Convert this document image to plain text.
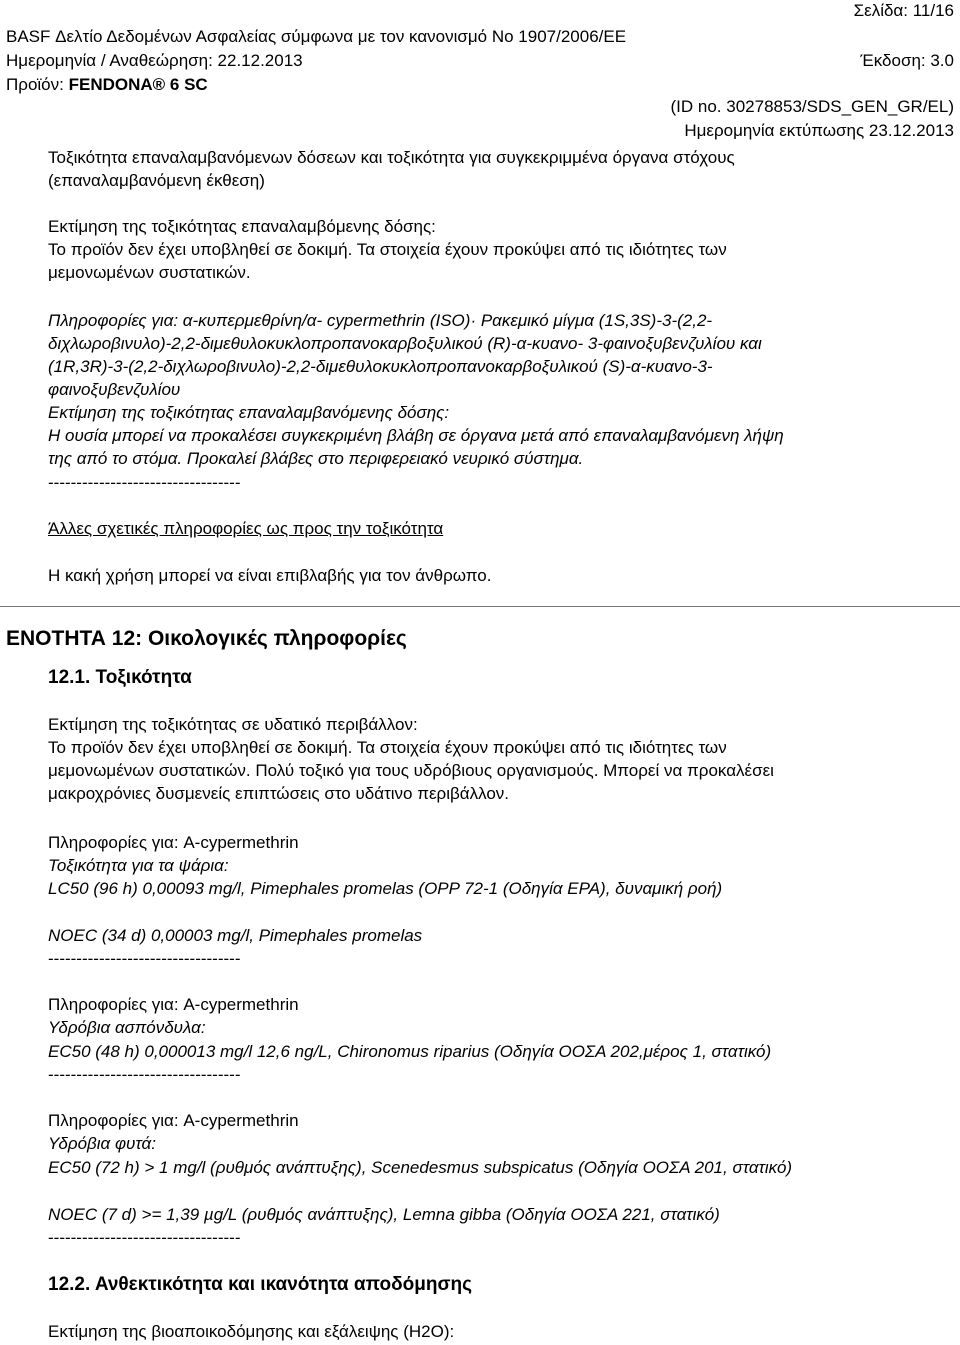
Σελίδα: 11/16
BASF Δελτίο Δεδομένων Ασφαλείας σύμφωνα με τον κανονισμό No 1907/2006/ΕΕ
Ημερομηνία / Αναθεώρηση: 22.12.2013	Έκδοση: 3.0
Προϊόν: FENDONA® 6 SC
(ID no. 30278853/SDS_GEN_GR/EL)
Ημερομηνία εκτύπωσης 23.12.2013
Τοξικότητα επαναλαμβανόμενων δόσεων και τοξικότητα για συγκεκριμμένα όργανα στόχους
(επαναλαμβανόμενη έκθεση)
Εκτίμηση της τοξικότητας επαναλαμβόμενης δόσης:
Το προϊόν δεν έχει υποβληθεί σε δοκιμή. Τα στοιχεία έχουν προκύψει από τις ιδιότητες των
μεμονωμένων συστατικών.
Πληροφορίες για: α-κυπερμεθρίνη/α- cypermethrin (ISO)· Ρακεμικό μίγμα (1S,3S)-3-(2,2-
διχλωροβινυλο)-2,2-διμεθυλοκυκλοπροπανοκαρβοξυλικού (R)-α-κυανο- 3-φαινοξυβενζυλίου και
(1R,3R)-3-(2,2-διχλωροβινυλο)-2,2-διμεθυλοκυκλοπροπανοκαρβοξυλικού (S)-α-κυανο-3-
φαινοξυβενζυλίου
Εκτίμηση της τοξικότητας επαναλαμβανόμενης δόσης:
Η ουσία μπορεί να προκαλέσει συγκεκριμένη βλάβη σε όργανα μετά από επαναλαμβανόμενη λήψη
της από το στόμα. Προκαλεί βλάβες στο περιφερειακό νευρικό σύστημα.
----------------------------------
Άλλες σχετικές πληροφορίες ως προς την τοξικότητα
Η κακή χρήση μπορεί να είναι επιβλαβής για τον άνθρωπο.
ΕΝΟΤΗΤΑ 12: Οικολογικές πληροφορίες
12.1. Τοξικότητα
Εκτίμηση της τοξικότητας σε υδατικό περιβάλλον:
Το προϊόν δεν έχει υποβληθεί σε δοκιμή. Τα στοιχεία έχουν προκύψει από τις ιδιότητες των
μεμονωμένων συστατικών. Πολύ τοξικό για τους υδρόβιους οργανισμούς. Μπορεί να προκαλέσει
μακροχρόνιες δυσμενείς επιπτώσεις στο υδάτινο περιβάλλον.
Πληροφορίες για: A-cypermethrin
Τοξικότητα για τα ψάρια:
LC50 (96 h) 0,00093 mg/l, Pimephales promelas (OPP 72-1 (Οδηγία EPA), δυναμική ροή)
NOEC (34 d) 0,00003 mg/l, Pimephales promelas
----------------------------------
Πληροφορίες για: A-cypermethrin
Υδρόβια ασπόνδυλα:
EC50 (48 h) 0,000013 mg/l 12,6 ng/L, Chironomus riparius (Οδηγία ΟΟΣΑ 202,μέρος 1, στατικό)
----------------------------------
Πληροφορίες για: A-cypermethrin
Υδρόβια φυτά:
EC50 (72 h) > 1 mg/l (ρυθμός ανάπτυξης), Scenedesmus subspicatus (Οδηγία ΟΟΣΑ 201, στατικό)
NOEC (7 d) >= 1,39 µg/L (ρυθμός ανάπτυξης), Lemna gibba (Οδηγία ΟΟΣΑ 221, στατικό)
----------------------------------
12.2. Ανθεκτικότητα και ικανότητα αποδόμησης
Εκτίμηση της βιοαποικοδόμησης και εξάλειψης (H2O):
